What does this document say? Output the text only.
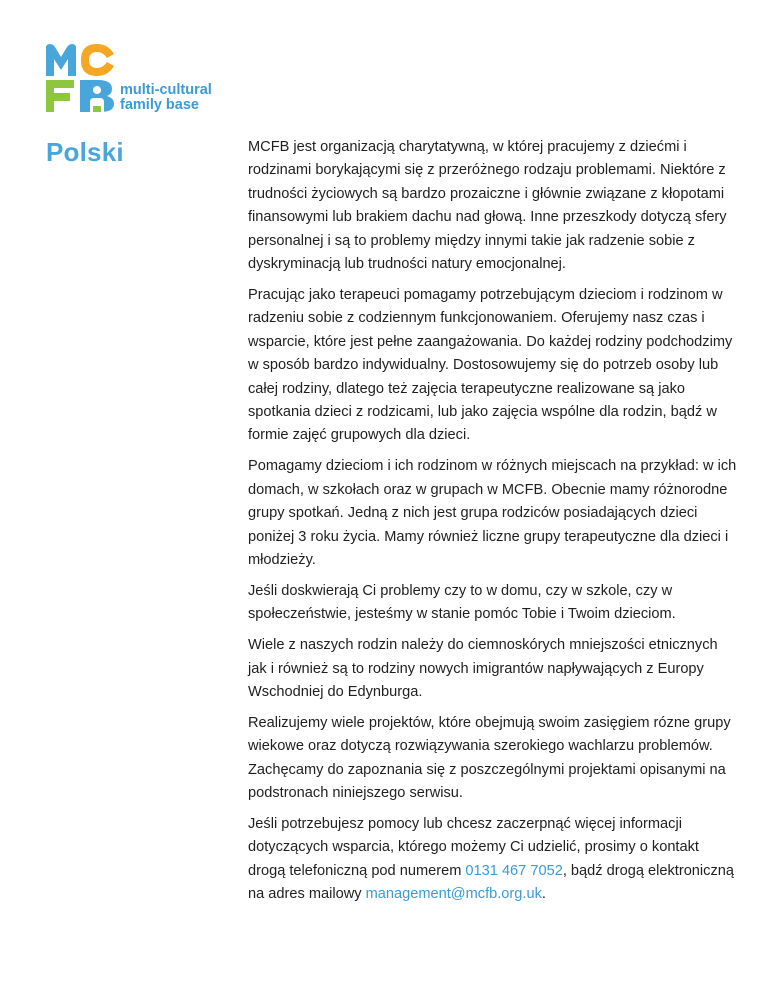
multi-cultural
family base
Polski	MCFB jest organizacją charytatywną, w której pracujemy z dziećmi i rodzinami borykającymi się z przeróżnego rodzaju problemami. Niektóre z trudności życiowych są bardzo prozaiczne i głównie związane z kłopotami finansowymi lub brakiem dachu nad głową. Inne przeszkody dotyczą sfery personalnej i są to problemy między innymi takie jak radzenie sobie z dyskryminacją lub trudności natury emocjonalnej.

Pracując jako terapeuci pomagamy potrzebującym dzieciom i rodzinom w radzeniu sobie z codziennym funkcjonowaniem. Oferujemy nasz czas i wsparcie, które jest pełne zaangażowania. Do każdej rodziny podchodzimy w sposób bardzo indywidualny. Dostosowujemy się do potrzeb osoby lub całej rodziny, dlatego też zajęcia terapeutyczne realizowane są jako spotkania dzieci z rodzicami, lub jako zajęcia wspólne dla rodzin, bądź w formie zajęć grupowych dla dzieci.

Pomagamy dzieciom i ich rodzinom w różnych miejscach na przykład: w ich domach, w szkołach oraz w grupach w MCFB. Obecnie mamy różnorodne grupy spotkań. Jedną z nich jest grupa rodziców posiadających dzieci poniżej 3 roku życia. Mamy również liczne grupy terapeutyczne dla dzieci i młodzieży.

Jeśli doskwierają Ci problemy czy to w domu, czy w szkole, czy w społeczeństwie, jesteśmy w stanie pomóc Tobie i Twoim dzieciom.

Wiele z naszych rodzin należy do ciemnoskórych mniejszości etnicznych jak i również są to rodziny nowych imigrantów napływających z Europy Wschodniej do Edynburga.

Realizujemy wiele projektów, które obejmują swoim zasięgiem rózne grupy wiekowe oraz dotyczą rozwiązywania szerokiego wachlarzu problemów. Zachęcamy do zapoznania się z poszczególnymi projektami opisanymi na podstronach niniejszego serwisu.

Jeśli potrzebujesz pomocy lub chcesz zaczerpnąć więcej informacji dotyczących wsparcia, którego możemy Ci udzielić, prosimy o kontakt drogą telefoniczną pod numerem 0131 467 7052, bądź drogą elektroniczną na adres mailowy management@mcfb.org.uk.
